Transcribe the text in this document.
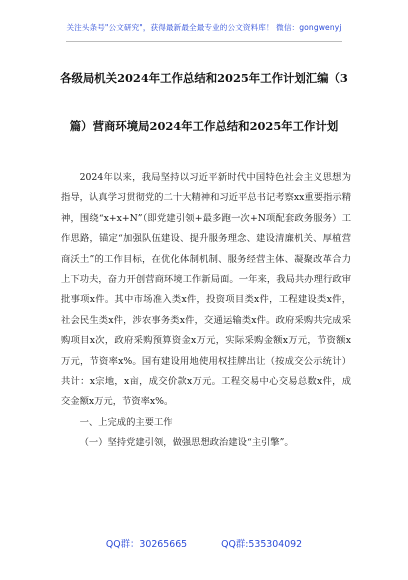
关注头条号"公文研究"，获得最新最全最专业的公文资料库！ 微信：gongwenyj
各级局机关2024年工作总结和2025年工作计划汇编（3
篇）营商环境局2024年工作总结和2025年工作计划

2024年以来，我局坚持以习近平新时代中国特色社会主义思想为指导，认真学习贯彻党的二十大精神和习近平总书记考察xx重要指示精神，围绕“x+x+N”（即党建引领+最多跑一次+N项配套政务服务）工作思路，锚定“加强队伍建设、提升服务理念、建设清廉机关、厚植营商沃土”的工作目标，在优化体制机制、服务经营主体、凝聚改革合力上下功夫，奋力开创营商环境工作新局面。一年来，我局共办理行政审批事项x件。其中市场准入类x件，投资项目类x件，工程建设类x件，社会民生类x件，涉农事务类x件，交通运输类x件。政府采购共完成采购项目x次，政府采购预算资金x万元，实际采购金额x万元，节资额x万元，节资率x%。国有建设用地使用权挂牌出让（按成交公示统计）共计：x宗地，x亩，成交价款x万元。工程交易中心交易总数x件，成交金额x万元，节资率x%。

一、上完成的主要工作

（一）坚持党建引领，做强思想政治建设“主引擎”。

QQ群：30265665	QQ群:535304092
